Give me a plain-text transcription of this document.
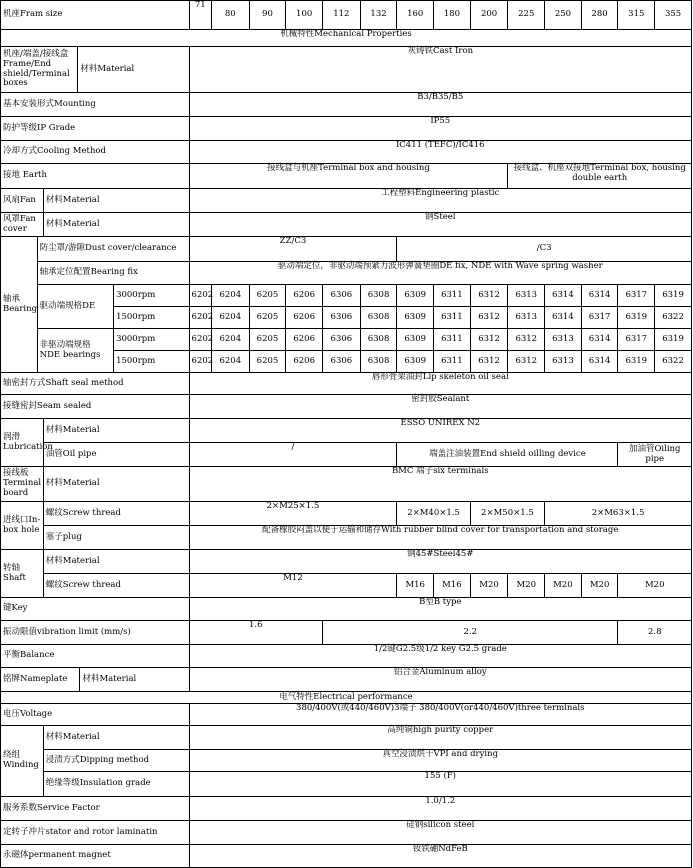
机座Fram size						71	80	90	100	112	132	160	180	200	225	250	280	315	355
机械特性Mechanical Properties																			
机座/端盖/接线盒Frame/End shield/Terminal boxes			材料Material			灰铸铁Cast Iron													
基本安装形式Mounting						B3/B35/B5													
防护等级IP Grade						IP55													
冷却方式Cooling Method						IC411 (TEFC)/IC416													
接地 Earth						接线盒与机座Terminal box and housing									接线盒、机座双接地Terminal box, housing double earth				
风扇Fan		材料Material				工程塑料Engineering plastic													
风罩Fan cover		材料Material				钢Steel													
轴承Bearing	防尘罩/游隙Dust cover/clearance					ZZ/C3						/C3							
	轴承定位配置Bearing fix					驱动端定位，非驱动端预紧力波形弹簧垫圈DE fix, NDE with Wave spring washer													
	驱动端规格DE				3000rpm	6202	6204	6205	6206	6306	6308	6309	6311	6312	6313	6314	6314	6317	6319
					1500rpm	6202	6204	6205	6206	6306	6308	6309	6311	6312	6313	6314	6317	6319	6322
	非驱动端规格NDE bearings				3000rpm	6202	6204	6205	6206	6306	6308	6309	6311	6312	6312	6313	6314	6317	6319
					1500rpm	6202	6204	6205	6206	6306	6308	6309	6311	6312	6312	6313	6314	6319	6322
轴密封方式Shaft seal method						唇形骨架油封Lip skeleton oil seal													
接缝密封Seam sealed						密封胶Sealant													
润滑Lubrication		材料Material				ESSO UNIREX N2													
		油管Oil pipe				/						端盖注油装置End shield oilling device						加油管Oiling pipe	
接线板Terminal board		材料Material				BMC 端子six terminals													
进线口In-box hole		螺纹Screw thread				2×M25×1.5						2×M40×1.5		2×M50×1.5		2×M63×1.5			
		塞子plug				配备橡胶闷盖以便于运输和储存With rubber blind cover for transportation and storage													
转轴Shaft		材料Material				钢45#Steel45#													
		螺纹Screw thread				M12						M16	M16	M20	M20	M20	M20	M20	
键Key						B型B type													
振动限值vibration limit (mm/s)						1.6				2.2								2.8	
平衡Balance						1/2键G2.5级1/2 key G2.5 grade													
铭牌Nameplate				材料Material		铝合金Aluminum alloy													
电气特性Electrical performance																			
电压Voltage						380/400V(或440/460V)3端子 380/400V(or440/460V)three terminals													
绕组Winding		材料Material				高纯铜high purity copper													
		浸渍方式Dipping method				真空浸渍烘干VPI and drying													
		绝缘等级Insulation grade				155 (F)													
服务系数Service Factor						1.0/1.2													
定转子冲片stator and rotor laminatin						硅钢silicon steel													
永磁体permanent magnet						钕铁硼NdFeB													
